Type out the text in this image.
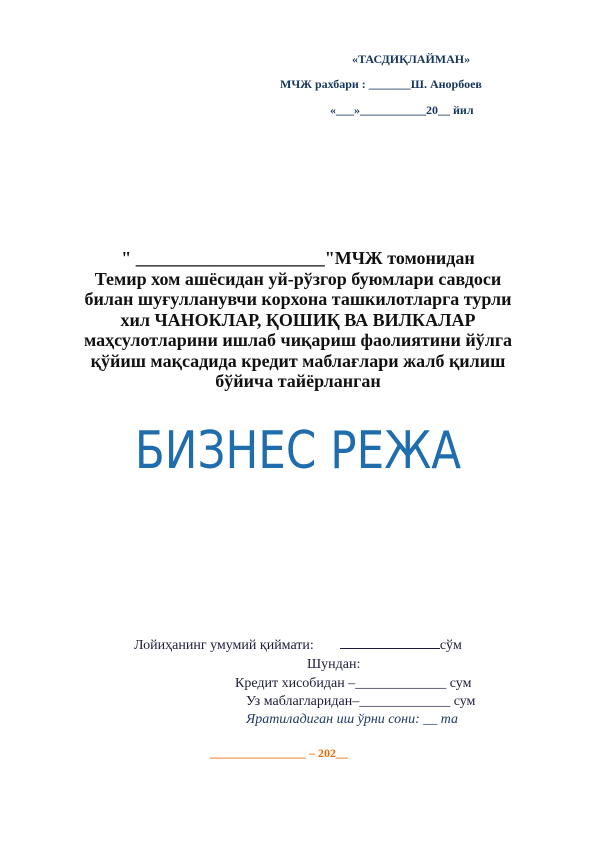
«ТАСДИҚЛАЙМАН»
МЧЖ рахбари : _______Ш. Анорбоев
«___»___________20__ йил
" _____________________"МЧЖ томонидан
Темир хом ашёсидан уй-рўзгор буюмлари савдоси
билан шуғулланувчи корхона ташкилотларга турли
хил ЧАНОКЛАР, ҚОШИҚ ВА ВИЛКАЛАР
маҳсулотларини ишлаб чиқариш фаолиятини йўлга
қўйиш мақсадида кредит маблағлари жалб қилиш
бўйича тайёрланган
БИЗНЕС РЕЖА
Лойиҳанинг умумий қиймати:	сўм
Шундан:
Кредит хисобидан –_____________ сум
Уз маблагларидан–_____________ сум
Яратиладиган иш ўрни сони: __ та
________________ – 202__
